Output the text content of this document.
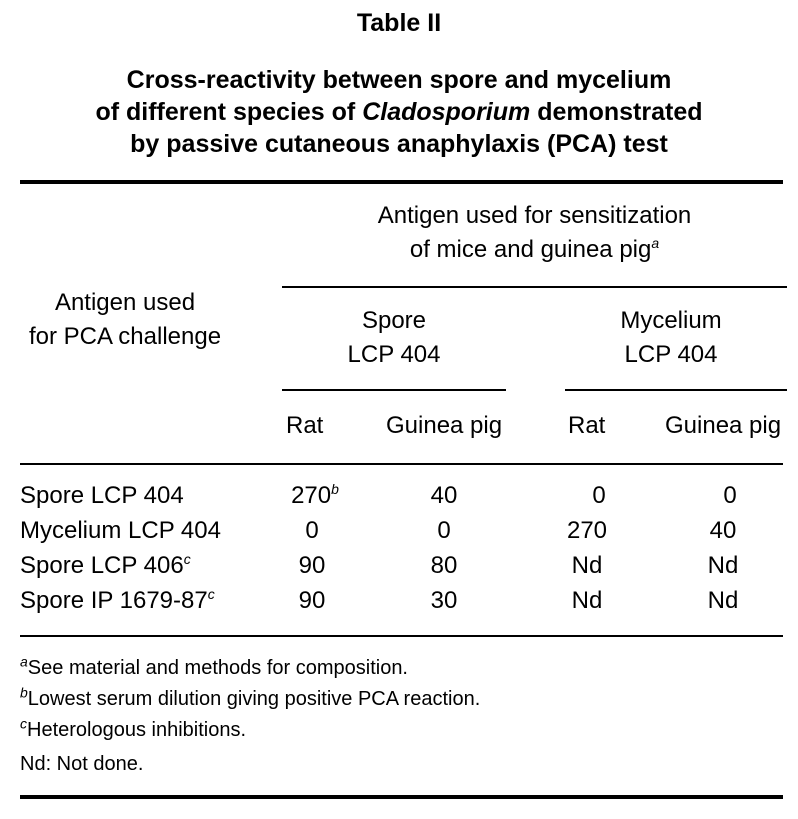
Table II
Cross-reactivity between spore and mycelium
of different species of Cladosporium demonstrated
by passive cutaneous anaphylaxis (PCA) test
Antigen used for sensitization
of mice and guinea pig$^a$
Antigen used
for PCA challenge
Spore
LCP 404
Mycelium
LCP 404
Rat	Guinea pig	Rat Guinea pig
Spore LCP 404	270$^b$	40	0	0
Mycelium LCP 404	0	0	270	40
Spore LCP 406$^c$	90	80	Nd	Nd
Spore IP 1679-87$^c$	90	30	Nd	Nd
$^a$See material and methods for composition.
$^b$Lowest serum dilution giving positive PCA reaction.
$^c$Heterologous inhibitions.
Nd: Not done.
